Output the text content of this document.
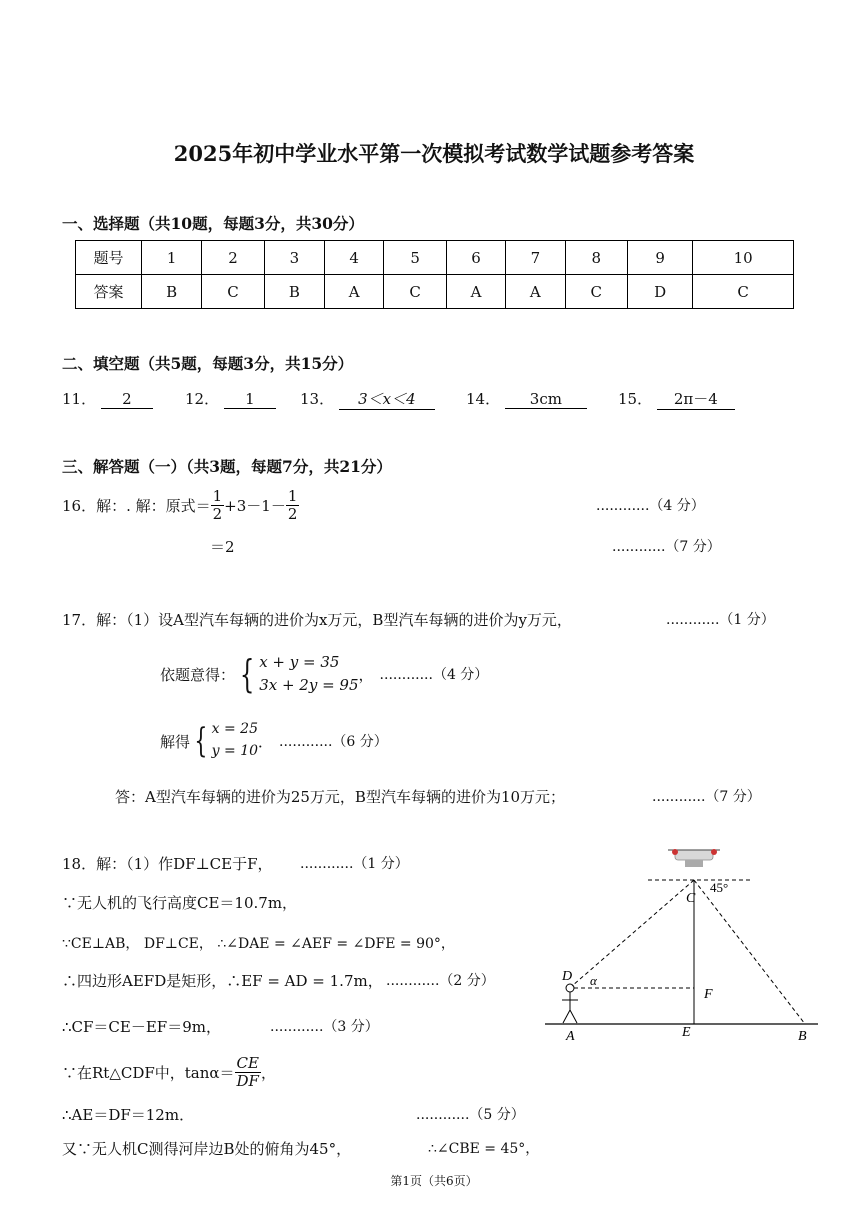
2025年初中学业水平第一次模拟考试数学试题参考答案
一、选择题（共10题，每题3分，共30分）
题号	1	2	3	4	5	6	7	8	9	10
答案	B	C	B	A	C	A	A	C	D	C
二、填空题（共5题，每题3分，共15分）
11． 2	12． 1	13． 3＜x＜4	14． 3cm	15． 2π－4
三、解答题（一）（共3题，每题7分，共21分）
16．解：. 解：原式＝ $\frac{1}{2} +3-1- \frac{1}{2}$	............（4 分）
＝2	............（7 分）
17．解：（1）设A型汽车每辆的进价为x万元，B型汽车每辆的进价为y万元，	............（1 分）
依题意得： { x + y = 35
3x + 2y = 95
， ............（4 分）
解得 { x = 25
y = 10
． ............（6 分）
答：A型汽车每辆的进价为25万元，B型汽车每辆的进价为10万元；	............（7 分）
18．解：（1）作DF⊥CE于F， ............（1 分）
∵无人机的飞行高度CE＝10.7m，
∵CE⊥AB， DF⊥CE， ∴∠DAE = ∠AEF = ∠DFE = 90°，
∴四边形AEFD是矩形，∴EF = AD = 1.7m， ............（2 分）
∴CF＝CE－EF＝9m，	............（3 分）
∵在Rt△CDF中，$\tan\alpha= \frac{CE}{DF}$ ，
∴AE＝DF＝12m．	............（5 分）
又∵无人机C测得河岸边B处的俯角为45°，	∴∠CBE = 45°，
C
D
F
A	E	B
α
45°
第1页（共6页）
